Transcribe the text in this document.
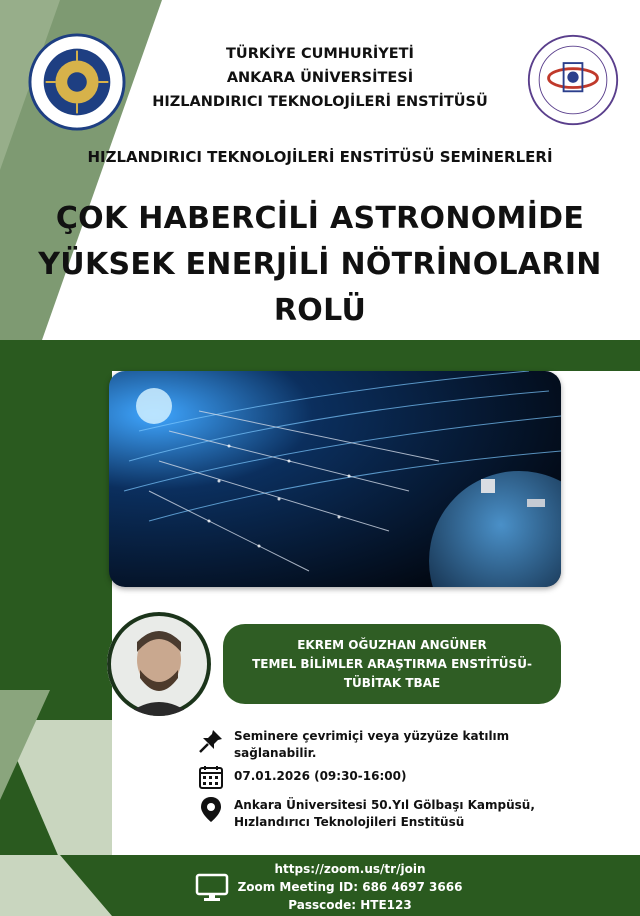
TÜRKİYE CUMHURİYETİ
ANKARA ÜNİVERSİTESİ
HIZLANDIRICI TEKNOLOJİLERİ ENSTİTÜSÜ
HIZLANDIRICI TEKNOLOJİLERİ ENSTİTÜSÜ SEMİNERLERİ
ÇOK HABERCİLİ ASTRONOMİDE
YÜKSEK ENERJİLİ NÖTRİNOLARIN
ROLÜ
EKREM OĞUZHAN ANGÜNER
TEMEL BİLİMLER ARAŞTIRMA ENSTİTÜSÜ-
TÜBİTAK TBAE
Seminere çevrimiçi veya yüzyüze katılım
sağlanabilir.
07.01.2026 (09:30-16:00)
Ankara Üniversitesi 50.Yıl Gölbaşı Kampüsü,
Hızlandırıcı Teknolojileri Enstitüsü
https://zoom.us/tr/join
Zoom Meeting ID: 686 4697 3666
Passcode: HTE123
